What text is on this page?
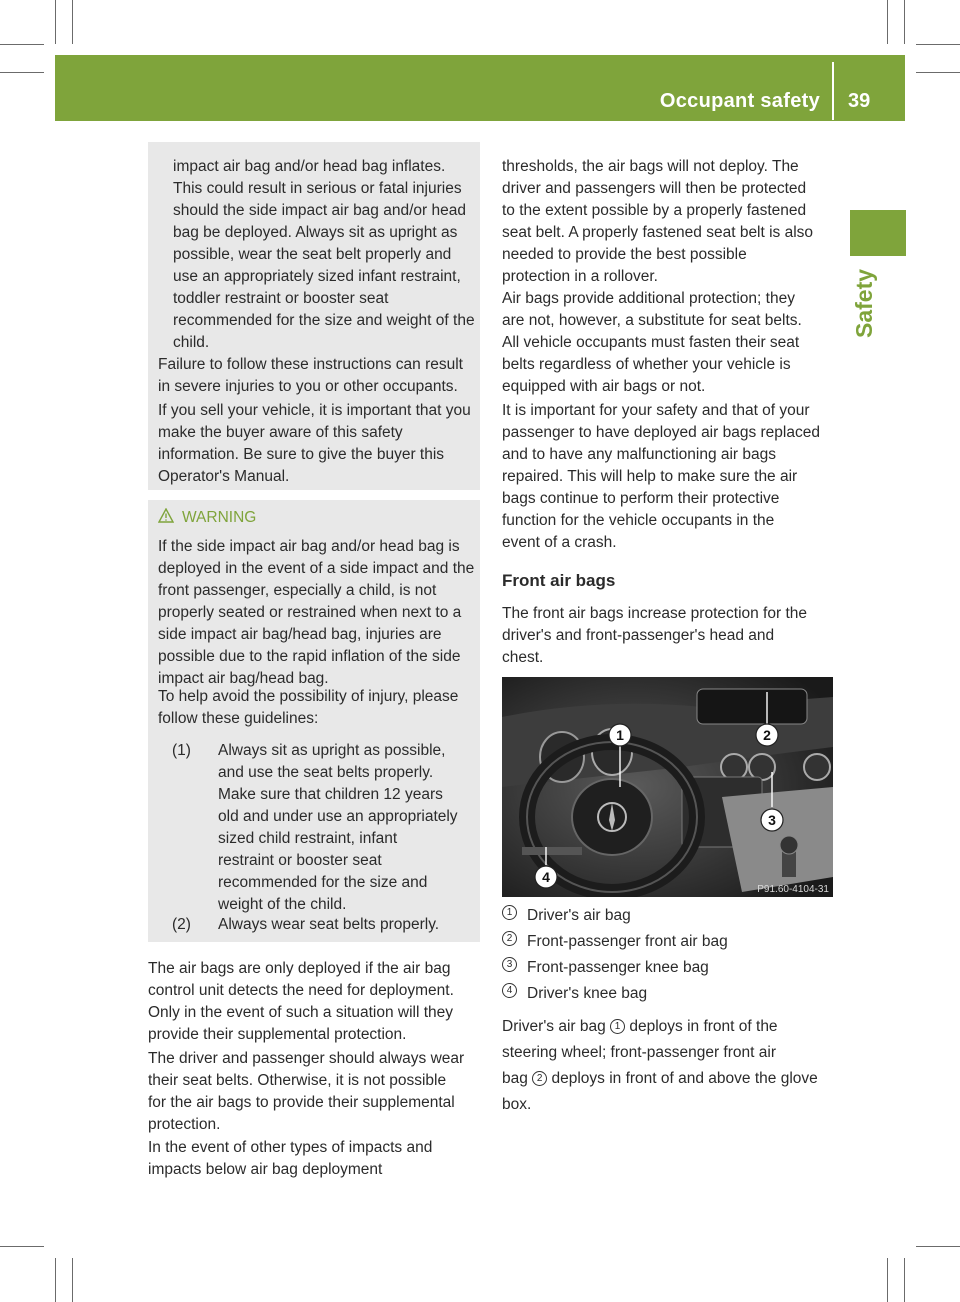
Occupant safety 39
Safety
impact air bag and/or head bag inflates.
This could result in serious or fatal injuries
should the side impact air bag and/or head
bag be deployed. Always sit as upright as
possible, wear the seat belt properly and
use an appropriately sized infant restraint,
toddler restraint or booster seat
recommended for the size and weight of the
child.
Failure to follow these instructions can result
in severe injuries to you or other occupants.
If you sell your vehicle, it is important that you
make the buyer aware of this safety
information. Be sure to give the buyer this
Operator's Manual.
WARNING
If the side impact air bag and/or head bag is
deployed in the event of a side impact and the
front passenger, especially a child, is not
properly seated or restrained when next to a
side impact air bag/head bag, injuries are
possible due to the rapid inflation of the side
impact air bag/head bag.
To help avoid the possibility of injury, please
follow these guidelines:
(1) Always sit as upright as possible,
and use the seat belts properly.
Make sure that children 12 years
old and under use an appropriately
sized child restraint, infant
restraint or booster seat
recommended for the size and
weight of the child.
(2) Always wear seat belts properly.
The air bags are only deployed if the air bag
control unit detects the need for deployment.
Only in the event of such a situation will they
provide their supplemental protection.
The driver and passenger should always wear
their seat belts. Otherwise, it is not possible
for the air bags to provide their supplemental
protection.
In the event of other types of impacts and
impacts below air bag deployment
thresholds, the air bags will not deploy. The
driver and passengers will then be protected
to the extent possible by a properly fastened
seat belt. A properly fastened seat belt is also
needed to provide the best possible
protection in a rollover.
Air bags provide additional protection; they
are not, however, a substitute for seat belts.
All vehicle occupants must fasten their seat
belts regardless of whether your vehicle is
equipped with air bags or not.
It is important for your safety and that of your
passenger to have deployed air bags replaced
and to have any malfunctioning air bags
repaired. This will help to make sure the air
bags continue to perform their protective
function for the vehicle occupants in the
event of a crash.
Front air bags
The front air bags increase protection for the
driver's and front-passenger's head and
chest.
1	2
3
4
P91.60-4104-31
1 Driver's air bag
2 Front-passenger front air bag
3 Front-passenger knee bag
4 Driver's knee bag
Driver's air bag 1 deploys in front of the
steering wheel; front-passenger front air
bag 2 deploys in front of and above the glove
box.
